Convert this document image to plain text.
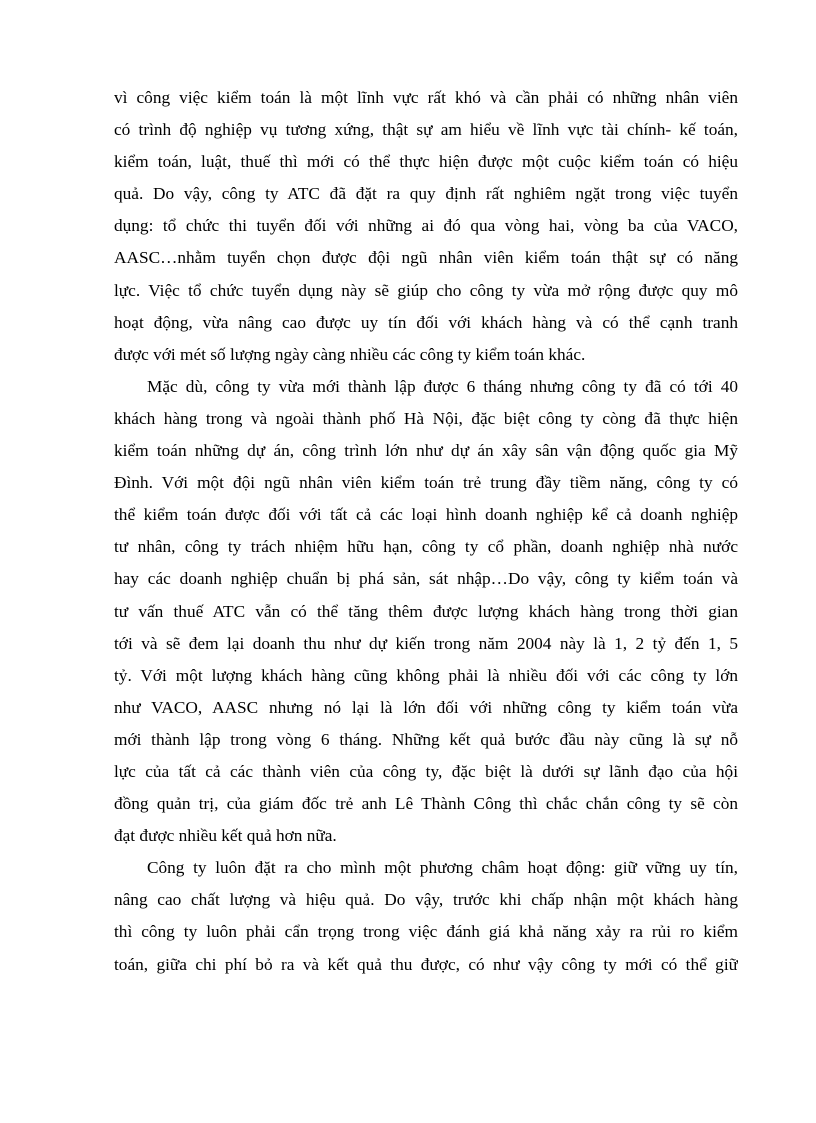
vì công việc kiểm toán là một lĩnh vực rất khó và cần phải có những nhân viên
có trình độ nghiệp vụ tương xứng, thật sự am hiểu về lĩnh vực tài chính- kế toán,
kiểm toán, luật, thuế thì mới có thể thực hiện được một cuộc kiểm toán có hiệu
quả. Do vậy, công ty ATC đã đặt ra quy định rất nghiêm ngặt trong việc tuyển
dụng: tổ chức thi tuyển đối với những ai đó qua vòng hai, vòng ba của VACO,
AASC…nhằm tuyển chọn được đội ngũ nhân viên kiểm toán thật sự có năng
lực. Việc tổ chức tuyển dụng này sẽ giúp cho công ty vừa mở rộng được quy mô
hoạt động, vừa nâng cao được uy tín đối với khách hàng và có thể cạnh tranh
được với mét số lượng ngày càng nhiều các công ty kiểm toán khác.
Mặc dù, công ty vừa mới thành lập được 6 tháng nhưng công ty đã có tới 40
khách hàng trong và ngoài thành phố Hà Nội, đặc biệt công ty còng đã thực hiện
kiểm toán những dự án, công trình lớn như dự án xây sân vận động quốc gia Mỹ
Đình. Với một đội ngũ nhân viên kiểm toán trẻ trung đầy tiềm năng, công ty có
thể kiểm toán được đối với tất cả các loại hình doanh nghiệp kể cả doanh nghiệp
tư nhân, công ty trách nhiệm hữu hạn, công ty cổ phần, doanh nghiệp nhà nước
hay các doanh nghiệp chuẩn bị phá sản, sát nhập…Do vậy, công ty kiểm toán và
tư vấn thuế ATC vẫn có thể tăng thêm được lượng khách hàng trong thời gian
tới và sẽ đem lại doanh thu như dự kiến trong năm 2004 này là 1, 2 tỷ đến 1, 5
tỷ. Với một lượng khách hàng cũng không phải là nhiều đối với các công ty lớn
như VACO, AASC nhưng nó lại là lớn đối với những công ty kiểm toán vừa
mới thành lập trong vòng 6 tháng. Những kết quả bước đầu này cũng là sự nỗ
lực của tất cả các thành viên của công ty, đặc biệt là dưới sự lãnh đạo của hội
đồng quản trị, của giám đốc trẻ anh Lê Thành Công thì chắc chắn công ty sẽ còn
đạt được nhiều kết quả hơn nữa.
Công ty luôn đặt ra cho mình một phương châm hoạt động: giữ vững uy tín,
nâng cao chất lượng và hiệu quả. Do vậy, trước khi chấp nhận một khách hàng
thì công ty luôn phải cẩn trọng trong việc đánh giá khả năng xảy ra rủi ro kiểm
toán, giữa chi phí bỏ ra và kết quả thu được, có như vậy công ty mới có thể giữ
